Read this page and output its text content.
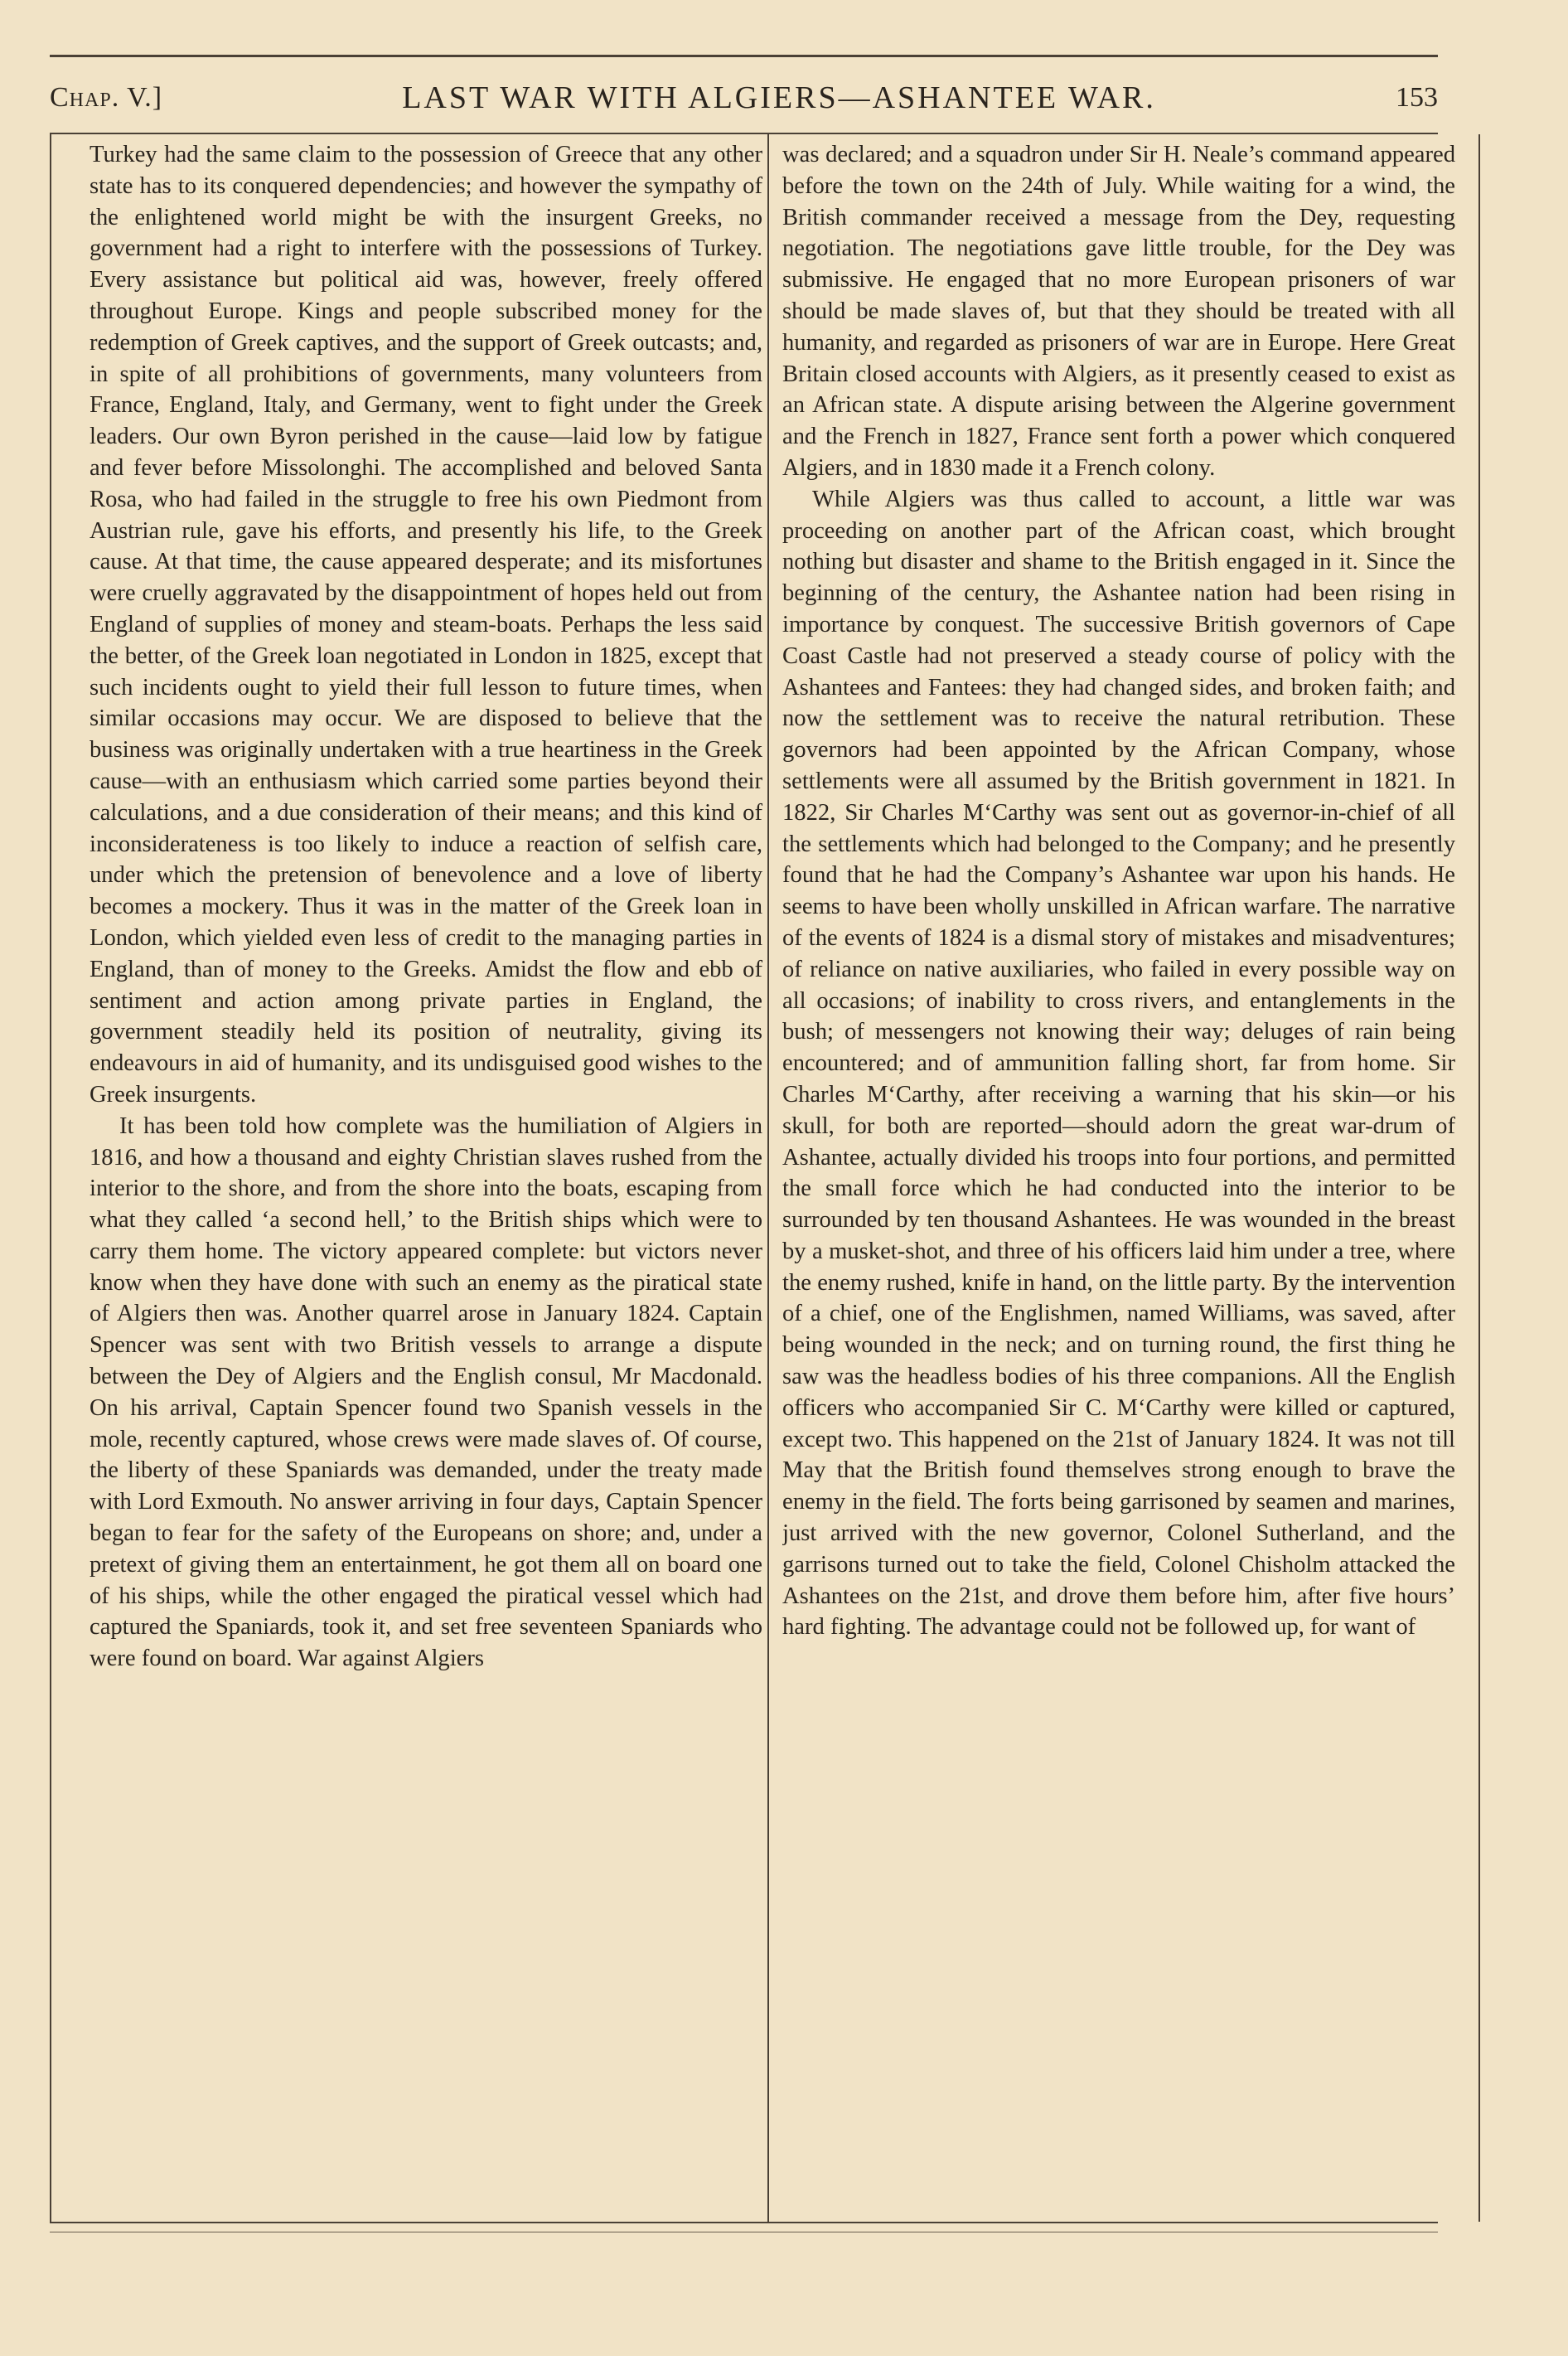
Chap. V.]	LAST WAR WITH ALGIERS—ASHANTEE WAR.	153

Turkey had the same claim to the possession of Greece that any other state has to its conquered dependencies; and however the sympathy of the enlightened world might be with the insurgent Greeks, no government had a right to interfere with the possessions of Turkey. Every assistance but political aid was, however, freely offered throughout Europe. Kings and people subscribed money for the redemption of Greek captives, and the support of Greek outcasts; and, in spite of all prohibitions of governments, many volunteers from France, England, Italy, and Germany, went to fight under the Greek leaders. Our own Byron perished in the cause—laid low by fatigue and fever before Missolonghi. The accomplished and beloved Santa Rosa, who had failed in the struggle to free his own Piedmont from Austrian rule, gave his efforts, and presently his life, to the Greek cause. At that time, the cause appeared desperate; and its misfortunes were cruelly aggravated by the disappointment of hopes held out from England of supplies of money and steam-boats. Perhaps the less said the better, of the Greek loan negotiated in London in 1825, except that such incidents ought to yield their full lesson to future times, when similar occasions may occur. We are disposed to believe that the business was originally undertaken with a true heartiness in the Greek cause—with an enthusiasm which carried some parties beyond their calculations, and a due consideration of their means; and this kind of inconsiderateness is too likely to induce a reaction of selfish care, under which the pretension of benevolence and a love of liberty becomes a mockery. Thus it was in the matter of the Greek loan in London, which yielded even less of credit to the managing parties in England, than of money to the Greeks. Amidst the flow and ebb of sentiment and action among private parties in England, the government steadily held its position of neutrality, giving its endeavours in aid of humanity, and its undisguised good wishes to the Greek insurgents.

It has been told how complete was the humiliation of Algiers in 1816, and how a thousand and eighty Christian slaves rushed from the interior to the shore, and from the shore into the boats, escaping from what they called ‘a second hell,’ to the British ships which were to carry them home. The victory appeared complete: but victors never know when they have done with such an enemy as the piratical state of Algiers then was. Another quarrel arose in January 1824. Captain Spencer was sent with two British vessels to arrange a dispute between the Dey of Algiers and the English consul, Mr Macdonald. On his arrival, Captain Spencer found two Spanish vessels in the mole, recently captured, whose crews were made slaves of. Of course, the liberty of these Spaniards was demanded, under the treaty made with Lord Exmouth. No answer arriving in four days, Captain Spencer began to fear for the safety of the Europeans on shore; and, under a pretext of giving them an entertainment, he got them all on board one of his ships, while the other engaged the piratical vessel which had captured the Spaniards, took it, and set free seventeen Spaniards who were found on board. War against Algiers

was declared; and a squadron under Sir H. Neale’s command appeared before the town on the 24th of July. While waiting for a wind, the British commander received a message from the Dey, requesting negotiation. The negotiations gave little trouble, for the Dey was submissive. He engaged that no more European prisoners of war should be made slaves of, but that they should be treated with all humanity, and regarded as prisoners of war are in Europe. Here Great Britain closed accounts with Algiers, as it presently ceased to exist as an African state. A dispute arising between the Algerine government and the French in 1827, France sent forth a power which conquered Algiers, and in 1830 made it a French colony.

While Algiers was thus called to account, a little war was proceeding on another part of the African coast, which brought nothing but disaster and shame to the British engaged in it. Since the beginning of the century, the Ashantee nation had been rising in importance by conquest. The successive British governors of Cape Coast Castle had not preserved a steady course of policy with the Ashantees and Fantees: they had changed sides, and broken faith; and now the settlement was to receive the natural retribution. These governors had been appointed by the African Company, whose settlements were all assumed by the British government in 1821. In 1822, Sir Charles M‘Carthy was sent out as governor-in-chief of all the settlements which had belonged to the Company; and he presently found that he had the Company’s Ashantee war upon his hands. He seems to have been wholly unskilled in African warfare. The narrative of the events of 1824 is a dismal story of mistakes and misadventures; of reliance on native auxiliaries, who failed in every possible way on all occasions; of inability to cross rivers, and entanglements in the bush; of messengers not knowing their way; deluges of rain being encountered; and of ammunition falling short, far from home. Sir Charles M‘Carthy, after receiving a warning that his skin—or his skull, for both are reported—should adorn the great war-drum of Ashantee, actually divided his troops into four portions, and permitted the small force which he had conducted into the interior to be surrounded by ten thousand Ashantees. He was wounded in the breast by a musket-shot, and three of his officers laid him under a tree, where the enemy rushed, knife in hand, on the little party. By the intervention of a chief, one of the Englishmen, named Williams, was saved, after being wounded in the neck; and on turning round, the first thing he saw was the headless bodies of his three companions. All the English officers who accompanied Sir C. M‘Carthy were killed or captured, except two. This happened on the 21st of January 1824. It was not till May that the British found themselves strong enough to brave the enemy in the field. The forts being garrisoned by seamen and marines, just arrived with the new governor, Colonel Sutherland, and the garrisons turned out to take the field, Colonel Chisholm attacked the Ashantees on the 21st, and drove them before him, after five hours’ hard fighting. The advantage could not be followed up, for want of
